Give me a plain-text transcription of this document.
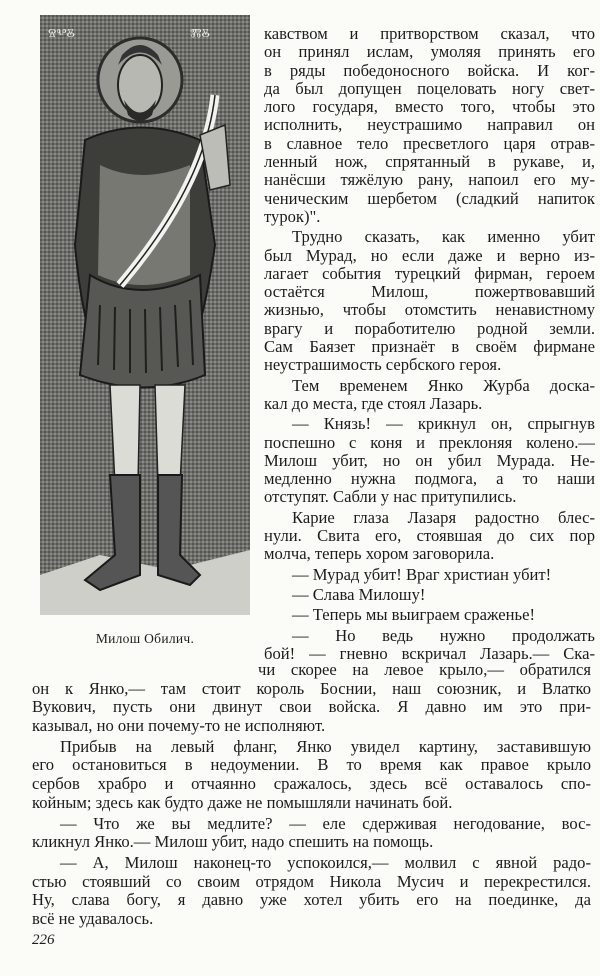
ⰔⰂⰋ	ⰏⰋ
Милош Обилич.
кавством и притворством сказал, что
он принял ислам, умоляя принять его
в ряды победоносного войска. И ког-
да был допущен поцеловать ногу свет-
лого государя, вместо того, чтобы это
исполнить, неустрашимо направил он
в славное тело пресветлого царя отрав-
ленный нож, спрятанный в рукаве, и,
нанёсши тяжёлую рану, напоил его му-
ченическим шербетом (сладкий напиток
турок)".
Трудно сказать, как именно убит
был Мурад, но если даже и верно из-
лагает события турецкий фирман, героем
остаётся Милош, пожертвовавший
жизнью, чтобы отомстить ненавистному
врагу и поработителю родной земли.
Сам Баязет признаёт в своём фирмане
неустрашимость сербского героя.
Тем временем Янко Журба доска-
кал до места, где стоял Лазарь.
— Князь! — крикнул он, спрыгнув
поспешно с коня и преклоняя колено.—
Милош убит, но он убил Мурада. Не-
медленно нужна подмога, а то наши
отступят. Сабли у нас притупились.
Карие глаза Лазаря радостно блес-
нули. Свита его, стоявшая до сих пор
молча, теперь хором заговорила.
— Мурад убит! Враг христиан убит!
— Слава Милошу!
— Теперь мы выиграем сраженье!
— Но ведь нужно продолжать
бой! — гневно вскричал Лазарь.— Ска-
чи скорее на левое крыло,— обратился
он к Янко,— там стоит король Боснии, наш союзник, и Влатко
Вукович, пусть они двинут свои войска. Я давно им это при-
казывал, но они почему-то не исполняют.
Прибыв на левый фланг, Янко увидел картину, заставившую
его остановиться в недоумении. В то время как правое крыло
сербов храбро и отчаянно сражалось, здесь всё оставалось спо-
койным; здесь как будто даже не помышляли начинать бой.
— Что же вы медлите? — еле сдерживая негодование, вос-
кликнул Янко.— Милош убит, надо спешить на помощь.
— А, Милош наконец-то успокоился,— молвил с явной радо-
стью стоявший со своим отрядом Никола Мусич и перекрестился.
Ну, слава богу, я давно уже хотел убить его на поединке, да
всё не удавалось.
226
